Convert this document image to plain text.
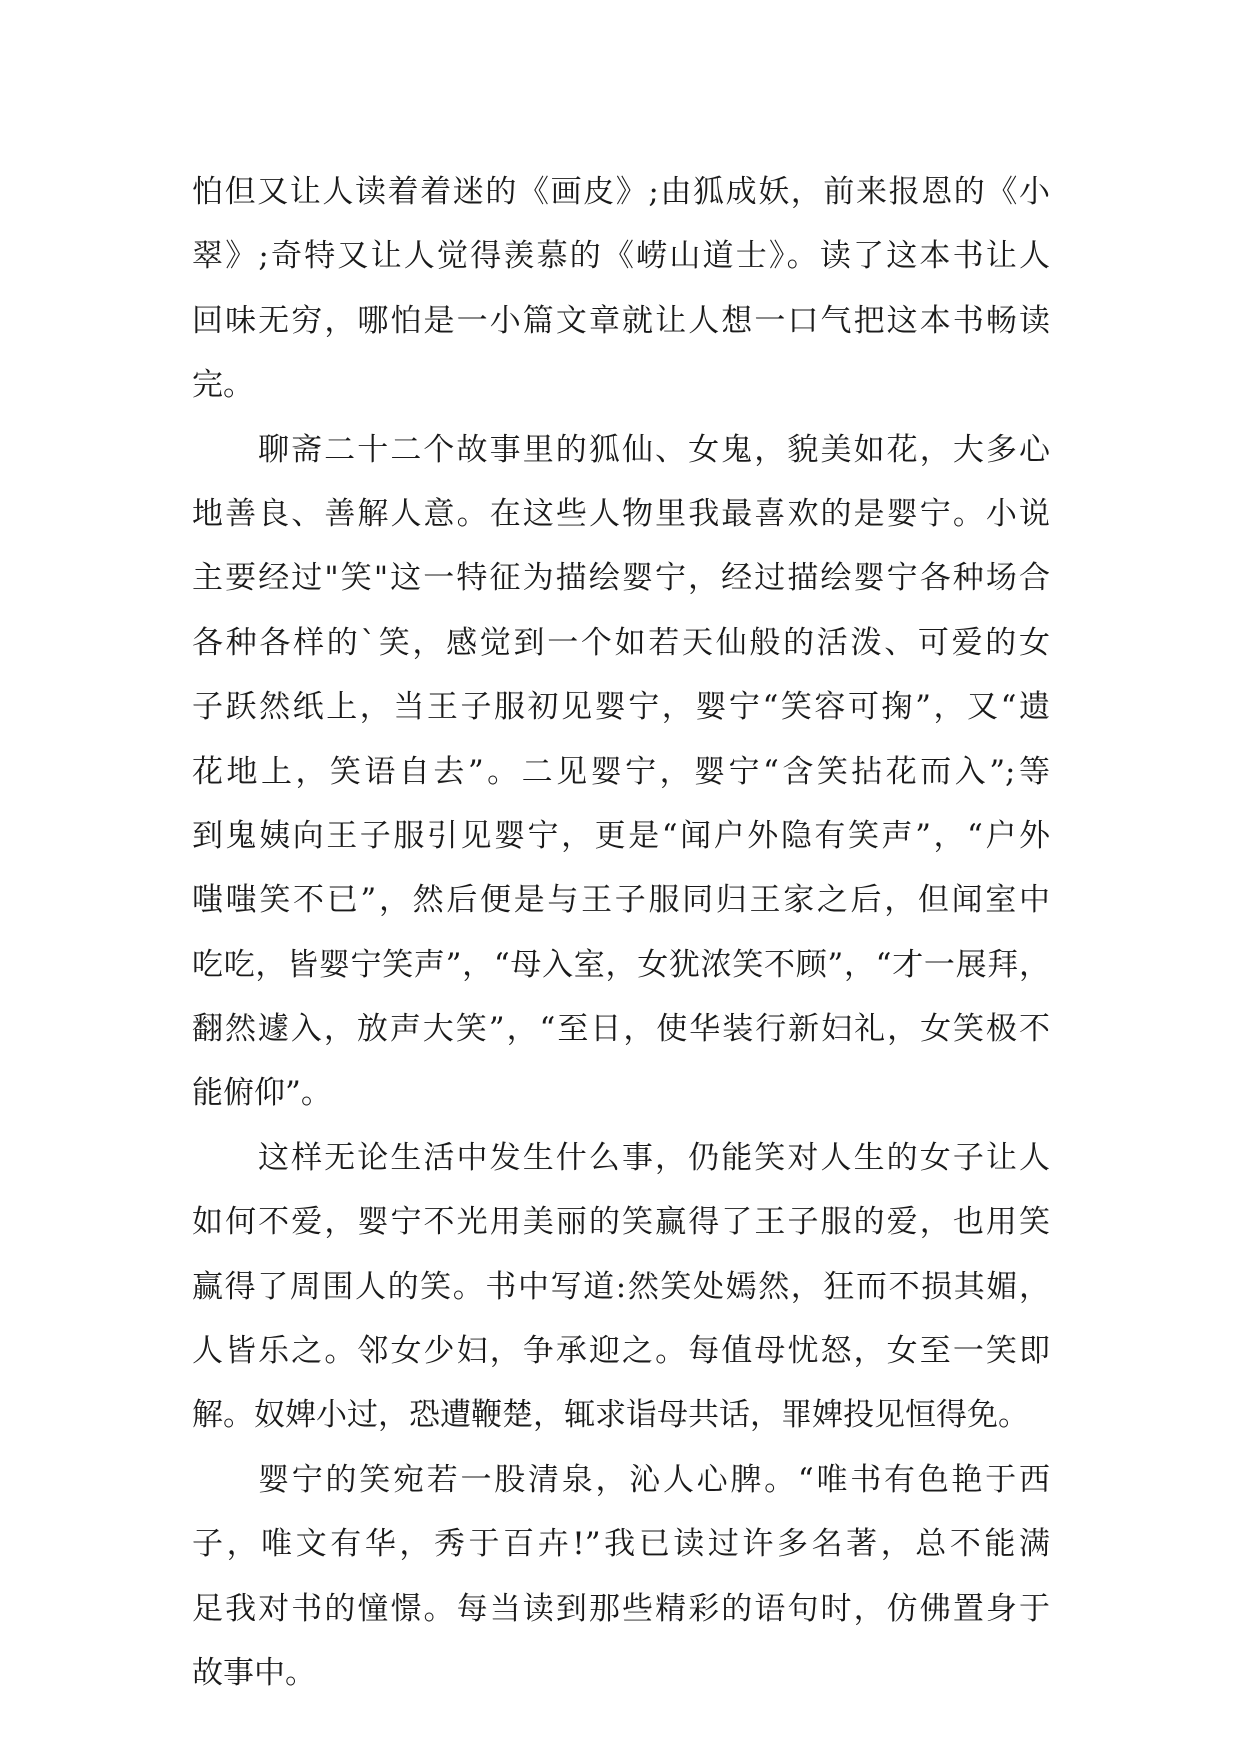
怕但又让人读着着迷的《画皮》;由狐成妖，前来报恩的《小
翠》;奇特又让人觉得羡慕的《崂山道士》。读了这本书让人
回味无穷，哪怕是一小篇文章就让人想一口气把这本书畅读
完。
聊斋二十二个故事里的狐仙、女鬼，貌美如花，大多心
地善良、善解人意。在这些人物里我最喜欢的是婴宁。小说
主要经过"笑"这一特征为描绘婴宁，经过描绘婴宁各种场合
各种各样的`笑，感觉到一个如若天仙般的活泼、可爱的女
子跃然纸上，当王子服初见婴宁，婴宁“笑容可掬”，又“遗
花地上，笑语自去”。二见婴宁，婴宁“含笑拈花而入”;等
到鬼姨向王子服引见婴宁，更是“闻户外隐有笑声”，“户外
嗤嗤笑不已”，然后便是与王子服同归王家之后，但闻室中
吃吃，皆婴宁笑声”，“母入室，女犹浓笑不顾”，“才一展拜，
翻然遽入，放声大笑”，“至日，使华装行新妇礼，女笑极不
能俯仰”。
这样无论生活中发生什么事，仍能笑对人生的女子让人
如何不爱，婴宁不光用美丽的笑赢得了王子服的爱，也用笑
赢得了周围人的笑。书中写道:然笑处嫣然，狂而不损其媚，
人皆乐之。邻女少妇，争承迎之。每值母忧怒，女至一笑即
解。奴婢小过，恐遭鞭楚，辄求诣母共话，罪婢投见恒得免。
婴宁的笑宛若一股清泉，沁人心脾。“唯书有色艳于西
子，唯文有华，秀于百卉!”我已读过许多名著，总不能满
足我对书的憧憬。每当读到那些精彩的语句时，仿佛置身于
故事中。
